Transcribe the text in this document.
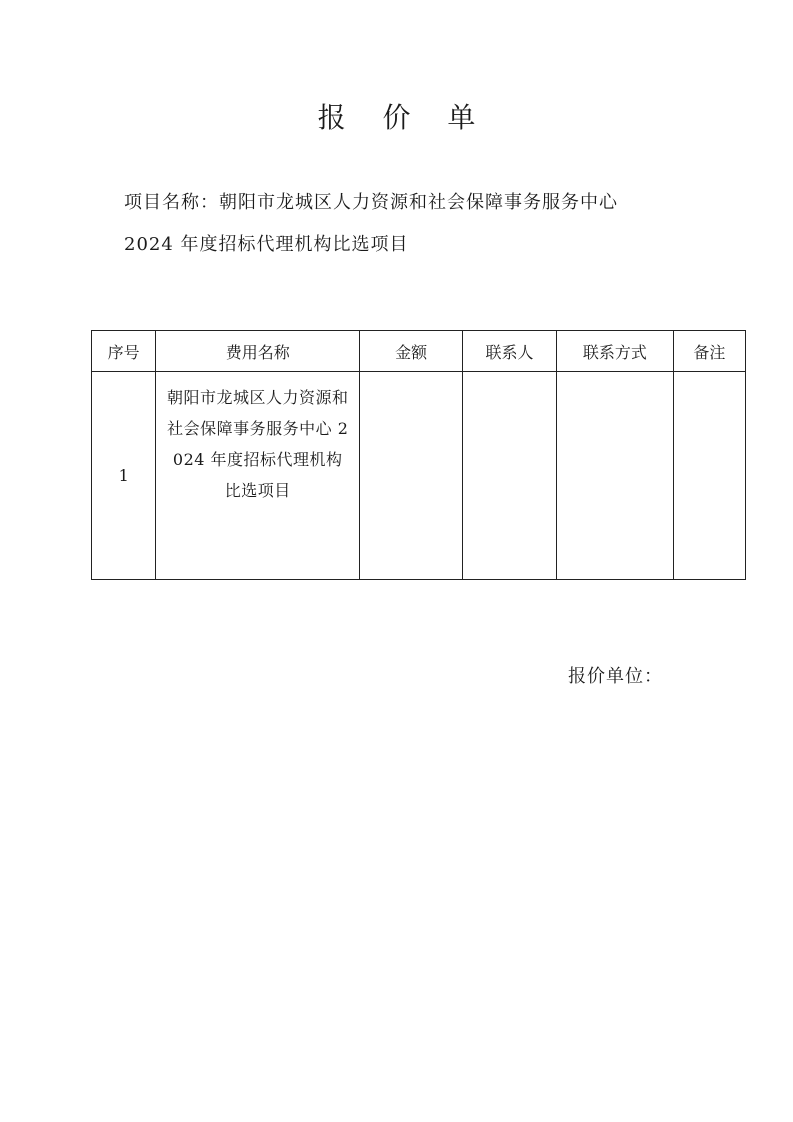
报 价 单
项目名称：朝阳市龙城区人力资源和社会保障事务服务中心
2024 年度招标代理机构比选项目
序号	费用名称	金额	联系人	联系方式	备注
1	朝阳市龙城区人力资源和社会保障事务服务中心 2024 年度招标代理机构比选项目				

报价单位：
